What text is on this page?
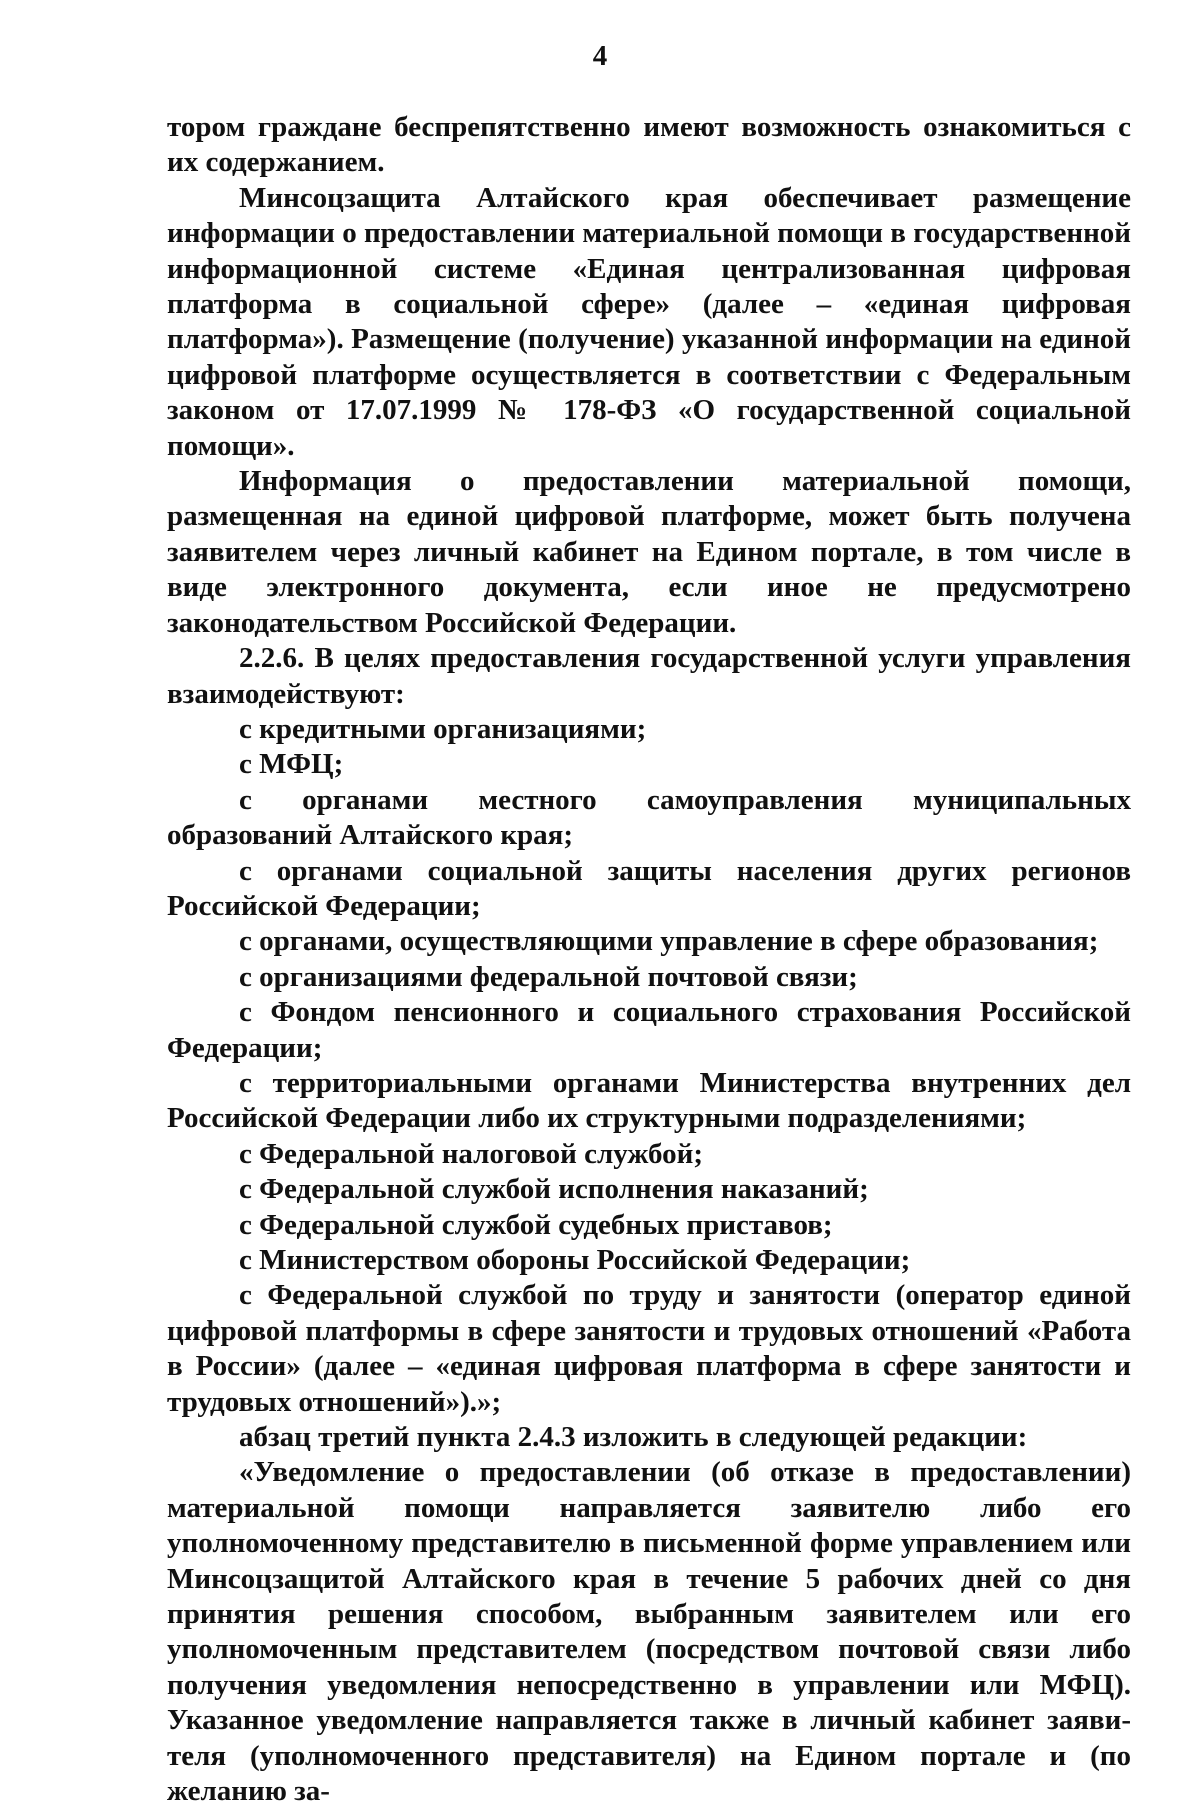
4

тором граждане беспрепятственно имеют возможность ознакомиться с их содержанием.

Минсоцзащита Алтайского края обеспечивает размещение информации о предоставлении материальной помощи в государственной информационной системе «Единая централизованная цифровая платформа в социальной сфере» (далее – «единая цифровая платформа»). Размещение (получение) указанной информации на единой цифровой платформе осуществляется в соответствии с Федеральным законом от 17.07.1999 № 178-ФЗ «О государственной социальной помощи».

Информация о предоставлении материальной помощи, размещенная на единой цифровой платформе, может быть получена заявителем через личный кабинет на Едином портале, в том числе в виде электронного документа, если иное не предусмотрено законодательством Российской Федерации.

2.2.6. В целях предоставления государственной услуги управления взаимодействуют:

с кредитными организациями;

с МФЦ;

с органами местного самоуправления муниципальных образований Алтайского края;

с органами социальной защиты населения других регионов Российской Федерации;

с органами, осуществляющими управление в сфере образования;

с организациями федеральной почтовой связи;

с Фондом пенсионного и социального страхования Российской Федерации;

с территориальными органами Министерства внутренних дел Российской Федерации либо их структурными подразделениями;

с Федеральной налоговой службой;

с Федеральной службой исполнения наказаний;

с Федеральной службой судебных приставов;

с Министерством обороны Российской Федерации;

с Федеральной службой по труду и занятости (оператор единой цифровой платформы в сфере занятости и трудовых отношений «Работа в России» (далее – «единая цифровая платформа в сфере занятости и трудовых отношений»).»;

абзац третий пункта 2.4.3 изложить в следующей редакции:

«Уведомление о предоставлении (об отказе в предоставлении) материальной помощи направляется заявителю либо его уполномоченному представителю в письменной форме управлением или Минсоцзащитой Алтайского края в течение 5 рабочих дней со дня принятия решения способом, выбранным заявителем или его уполномоченным представителем (посредством почтовой связи либо получения уведомления непосредственно в управлении или МФЦ). Указанное уведомление направляется также в личный кабинет заявителя (уполномоченного представителя) на Едином портале и (по желанию за-
